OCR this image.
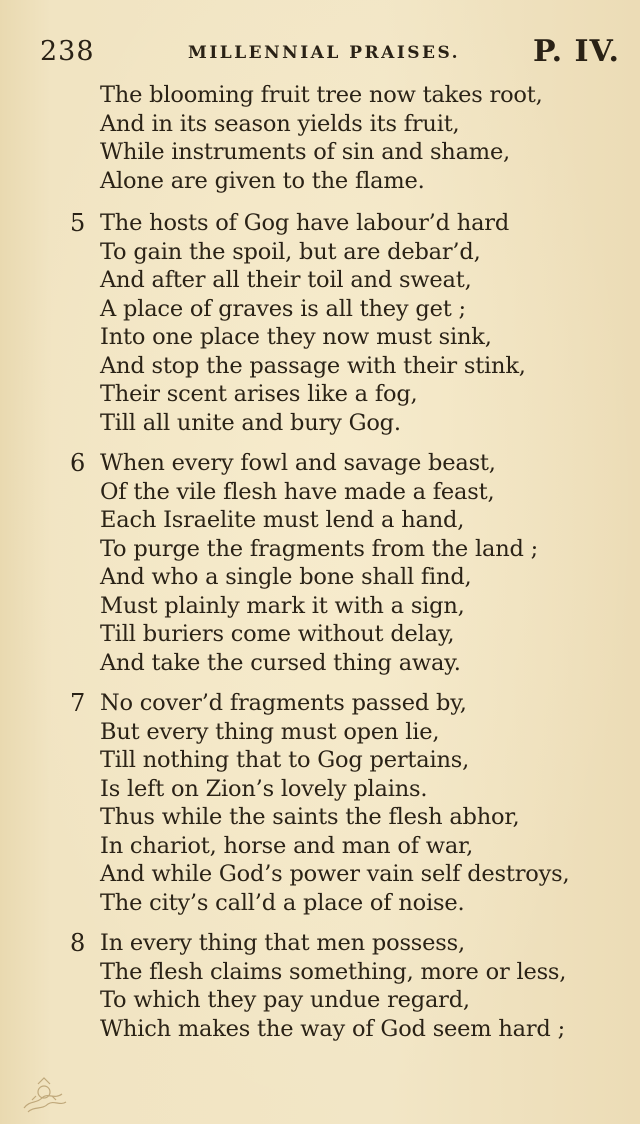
238	MILLENNIAL PRAISES. P. IV.
The blooming fruit tree now takes root,
And in its season yields its fruit,
While instruments of sin and shame,
Alone are given to the flame.
5 The hosts of Gog have labour’d hard
To gain the spoil, but are debar’d,
And after all their toil and sweat,
A place of graves is all they get ;
Into one place they now must sink,
And stop the passage with their stink,
Their scent arises like a fog,
Till all unite and bury Gog.
6 When every fowl and savage beast,
Of the vile flesh have made a feast,
Each Israelite must lend a hand,
To purge the fragments from the land ;
And who a single bone shall find,
Must plainly mark it with a sign,
Till buriers come without delay,
And take the cursed thing away.
7 No cover’d fragments passed by,
But every thing must open lie,
Till nothing that to Gog pertains,
Is left on Zion’s lovely plains.
Thus while the saints the flesh abhor,
In chariot, horse and man of war,
And while God’s power vain self destroys,
The city’s call’d a place of noise.
8 In every thing that men possess,
The flesh claims something, more or less,
To which they pay undue regard,
Which makes the way of God seem hard ;
